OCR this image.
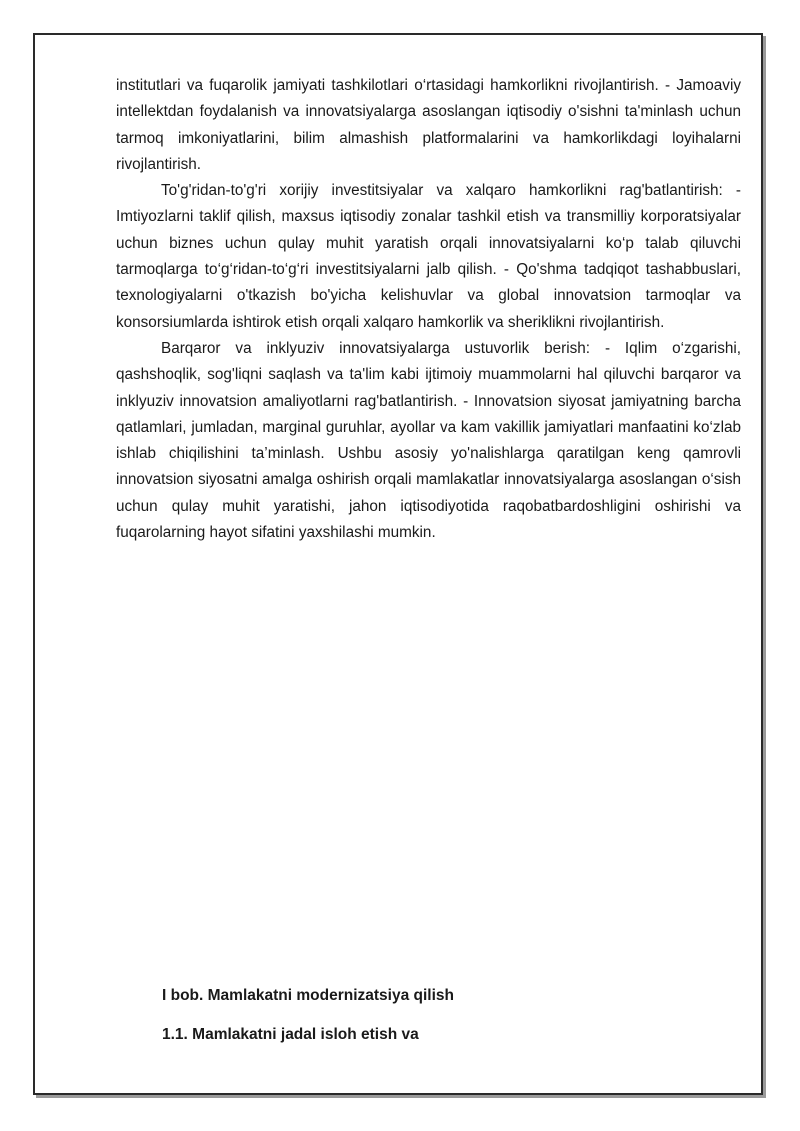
institutlari va fuqarolik jamiyati tashkilotlari o‘rtasidagi hamkorlikni rivojlantirish. - Jamoaviy intellektdan foydalanish va innovatsiyalarga asoslangan iqtisodiy o'sishni ta'minlash uchun tarmoq imkoniyatlarini, bilim almashish platformalarini va hamkorlikdagi loyihalarni rivojlantirish.

To'g'ridan-to'g'ri xorijiy investitsiyalar va xalqaro hamkorlikni rag'batlantirish: - Imtiyozlarni taklif qilish, maxsus iqtisodiy zonalar tashkil etish va transmilliy korporatsiyalar uchun biznes uchun qulay muhit yaratish orqali innovatsiyalarni ko‘p talab qiluvchi tarmoqlarga to‘g‘ridan-to‘g‘ri investitsiyalarni jalb qilish. - Qo'shma tadqiqot tashabbuslari, texnologiyalarni o'tkazish bo'yicha kelishuvlar va global innovatsion tarmoqlar va konsorsiumlarda ishtirok etish orqali xalqaro hamkorlik va sheriklikni rivojlantirish.

Barqaror va inklyuziv innovatsiyalarga ustuvorlik berish: - Iqlim o‘zgarishi, qashshoqlik, sog'liqni saqlash va ta'lim kabi ijtimoiy muammolarni hal qiluvchi barqaror va inklyuziv innovatsion amaliyotlarni rag'batlantirish. - Innovatsion siyosat jamiyatning barcha qatlamlari, jumladan, marginal guruhlar, ayollar va kam vakillik jamiyatlari manfaatini ko‘zlab ishlab chiqilishini ta’minlash. Ushbu asosiy yo'nalishlarga qaratilgan keng qamrovli innovatsion siyosatni amalga oshirish orqali mamlakatlar innovatsiyalarga asoslangan o‘sish uchun qulay muhit yaratishi, jahon iqtisodiyotida raqobatbardoshligini oshirishi va fuqarolarning hayot sifatini yaxshilashi mumkin.

I bob. Mamlakatni modernizatsiya qilish
1.1. Mamlakatni jadal isloh etish va
